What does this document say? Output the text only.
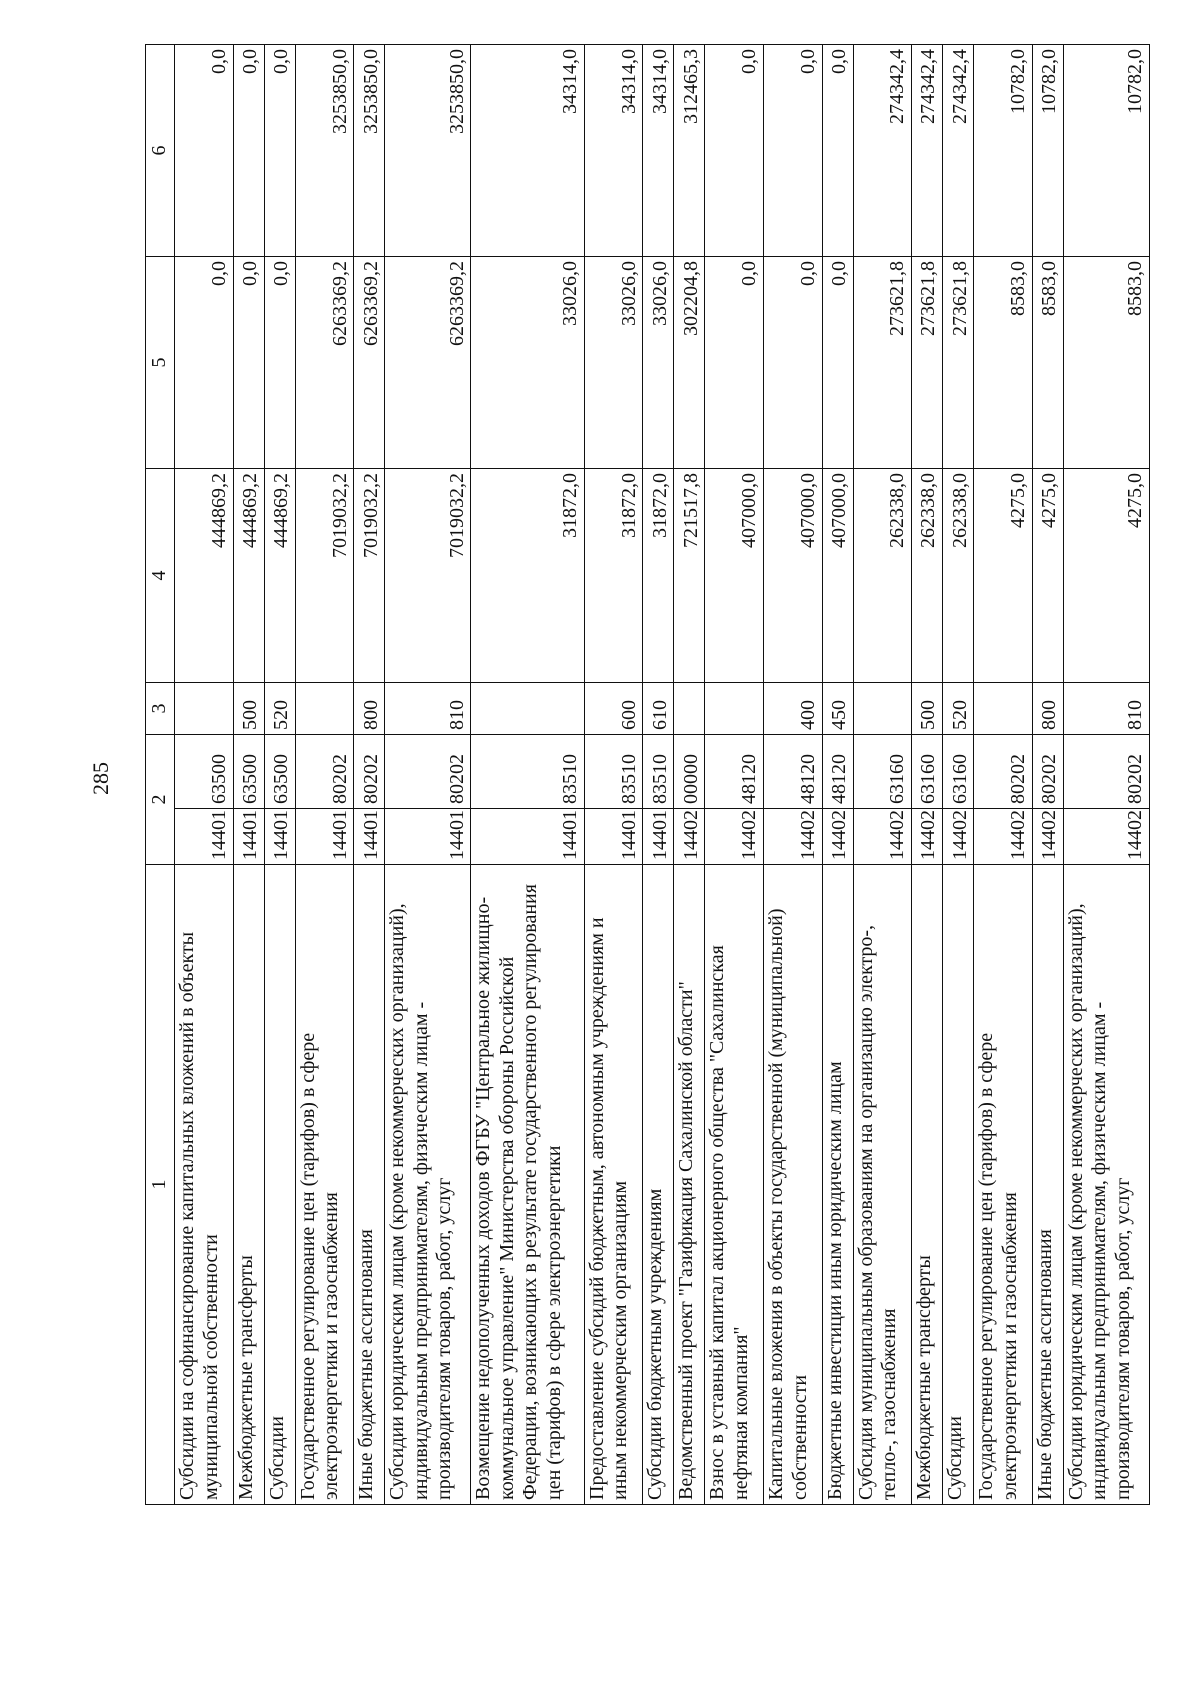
285
1	2		3	4	5	6
Субсидии на софинансирование капитальных вложений в объекты муниципальной собственности	14401	63500		444869,2	0,0	0,0
Межбюджетные трансферты	14401	63500	500	444869,2	0,0	0,0
Субсидии	14401	63500	520	444869,2	0,0	0,0
Государственное регулирование цен (тарифов) в сфере электроэнергетики и газоснабжения	14401	80202		7019032,2	6263369,2	3253850,0
Иные бюджетные ассигнования	14401	80202	800	7019032,2	6263369,2	3253850,0
Субсидии юридическим лицам (кроме некоммерческих организаций), индивидуальным предпринимателям, физическим лицам - производителям товаров, работ, услуг	14401	80202	810	7019032,2	6263369,2	3253850,0
Возмещение недополученных доходов ФГБУ "Центральное жилищно-коммунальное управление" Министерства обороны Российской Федерации, возникающих в результате государственного регулирования цен (тарифов) в сфере электроэнергетики	14401	83510		31872,0	33026,0	34314,0
Предоставление субсидий бюджетным, автономным учреждениям и иным некоммерческим организациям	14401	83510	600	31872,0	33026,0	34314,0
Субсидии бюджетным учреждениям	14401	83510	610	31872,0	33026,0	34314,0
Ведомственный проект "Газификация Сахалинской области"	14402	00000		721517,8	302204,8	312465,3
Взнос в уставный капитал акционерного общества "Сахалинская нефтяная компания"	14402	48120		407000,0	0,0	0,0
Капитальные вложения в объекты государственной (муниципальной) собственности	14402	48120	400	407000,0	0,0	0,0
Бюджетные инвестиции иным юридическим лицам	14402	48120	450	407000,0	0,0	0,0
Субсидия муниципальным образованиям на организацию электро-, тепло-, газоснабжения	14402	63160		262338,0	273621,8	274342,4
Межбюджетные трансферты	14402	63160	500	262338,0	273621,8	274342,4
Субсидии	14402	63160	520	262338,0	273621,8	274342,4
Государственное регулирование цен (тарифов) в сфере электроэнергетики и газоснабжения	14402	80202		4275,0	8583,0	10782,0
Иные бюджетные ассигнования	14402	80202	800	4275,0	8583,0	10782,0
Субсидии юридическим лицам (кроме некоммерческих организаций), индивидуальным предпринимателям, физическим лицам - производителям товаров, работ, услуг	14402	80202	810	4275,0	8583,0	10782,0
